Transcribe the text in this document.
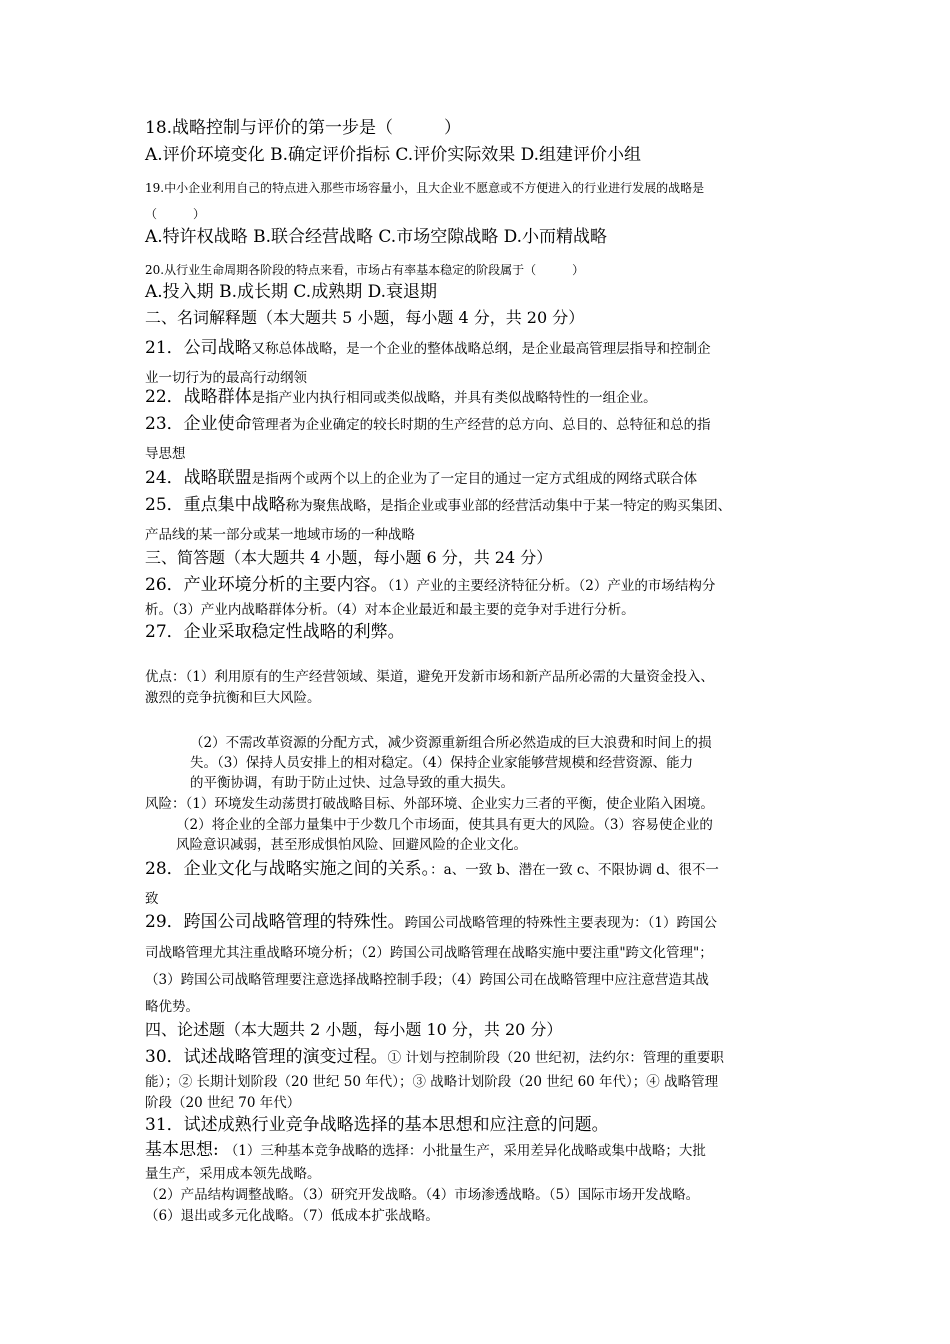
18.战略控制与评价的第一步是（　　　）
A.评价环境变化 B.确定评价指标 C.评价实际效果 D.组建评价小组
19.中小企业利用自己的特点进入那些市场容量小，且大企业不愿意或不方便进入的行业进行发展的战略是
（　　　）
A.特许权战略 B.联合经营战略 C.市场空隙战略 D.小而精战略
20.从行业生命周期各阶段的特点来看，市场占有率基本稳定的阶段属于（　　　）
A.投入期 B.成长期 C.成熟期 D.衰退期
二、名词解释题（本大题共 5 小题，每小题 4 分，共 20 分）
21．公司战略又称总体战略，是一个企业的整体战略总纲，是企业最高管理层指导和控制企
业一切行为的最高行动纲领
22．战略群体是指产业内执行相同或类似战略，并具有类似战略特性的一组企业。
23．企业使命管理者为企业确定的较长时期的生产经营的总方向、总目的、总特征和总的指
导思想
24．战略联盟是指两个或两个以上的企业为了一定目的通过一定方式组成的网络式联合体
25．重点集中战略称为聚焦战略，是指企业或事业部的经营活动集中于某一特定的购买集团、
产品线的某一部分或某一地域市场的一种战略
三、简答题（本大题共 4 小题，每小题 6 分，共 24 分）
26．产业环境分析的主要内容。（1）产业的主要经济特征分析。（2）产业的市场结构分
析。（3）产业内战略群体分析。（4）对本企业最近和最主要的竞争对手进行分析。
27．企业采取稳定性战略的利弊。
优点：（1）利用原有的生产经营领域、渠道，避免开发新市场和新产品所必需的大量资金投入、
激烈的竞争抗衡和巨大风险。
（2）不需改革资源的分配方式，减少资源重新组合所必然造成的巨大浪费和时间上的损
失。（3）保持人员安排上的相对稳定。（4）保持企业家能够营规模和经营资源、能力
的平衡协调，有助于防止过快、过急导致的重大损失。
风险：（1）环境发生动荡贯打破战略目标、外部环境、企业实力三者的平衡，使企业陷入困境。
（2）将企业的全部力量集中于少数几个市场面，使其具有更大的风险。（3）容易使企业的
风险意识减弱，甚至形成惧怕风险、回避风险的企业文化。
28．企业文化与战略实施之间的关系。：a、一致 b、潜在一致 c、不限协调 d、很不一
致
29．跨国公司战略管理的特殊性。跨国公司战略管理的特殊性主要表现为：（1）跨国公
司战略管理尤其注重战略环境分析；（2）跨国公司战略管理在战略实施中要注重"跨文化管理"；
（3）跨国公司战略管理要注意选择战略控制手段；（4）跨国公司在战略管理中应注意营造其战
略优势。
四、论述题（本大题共 2 小题，每小题 10 分，共 20 分）
30．试述战略管理的演变过程。① 计划与控制阶段（20 世纪初，法约尔：管理的重要职
能）；② 长期计划阶段（20 世纪 50 年代）；③ 战略计划阶段（20 世纪 60 年代）；④ 战略管理
阶段（20 世纪 70 年代）
31．试述成熟行业竞争战略选择的基本思想和应注意的问题。
基本思想: （1）三种基本竞争战略的选择：小批量生产，采用差异化战略或集中战略；大批
量生产，采用成本领先战略。
（2）产品结构调整战略。（3）研究开发战略。（4）市场渗透战略。（5）国际市场开发战略。
（6）退出或多元化战略。（7）低成本扩张战略。
